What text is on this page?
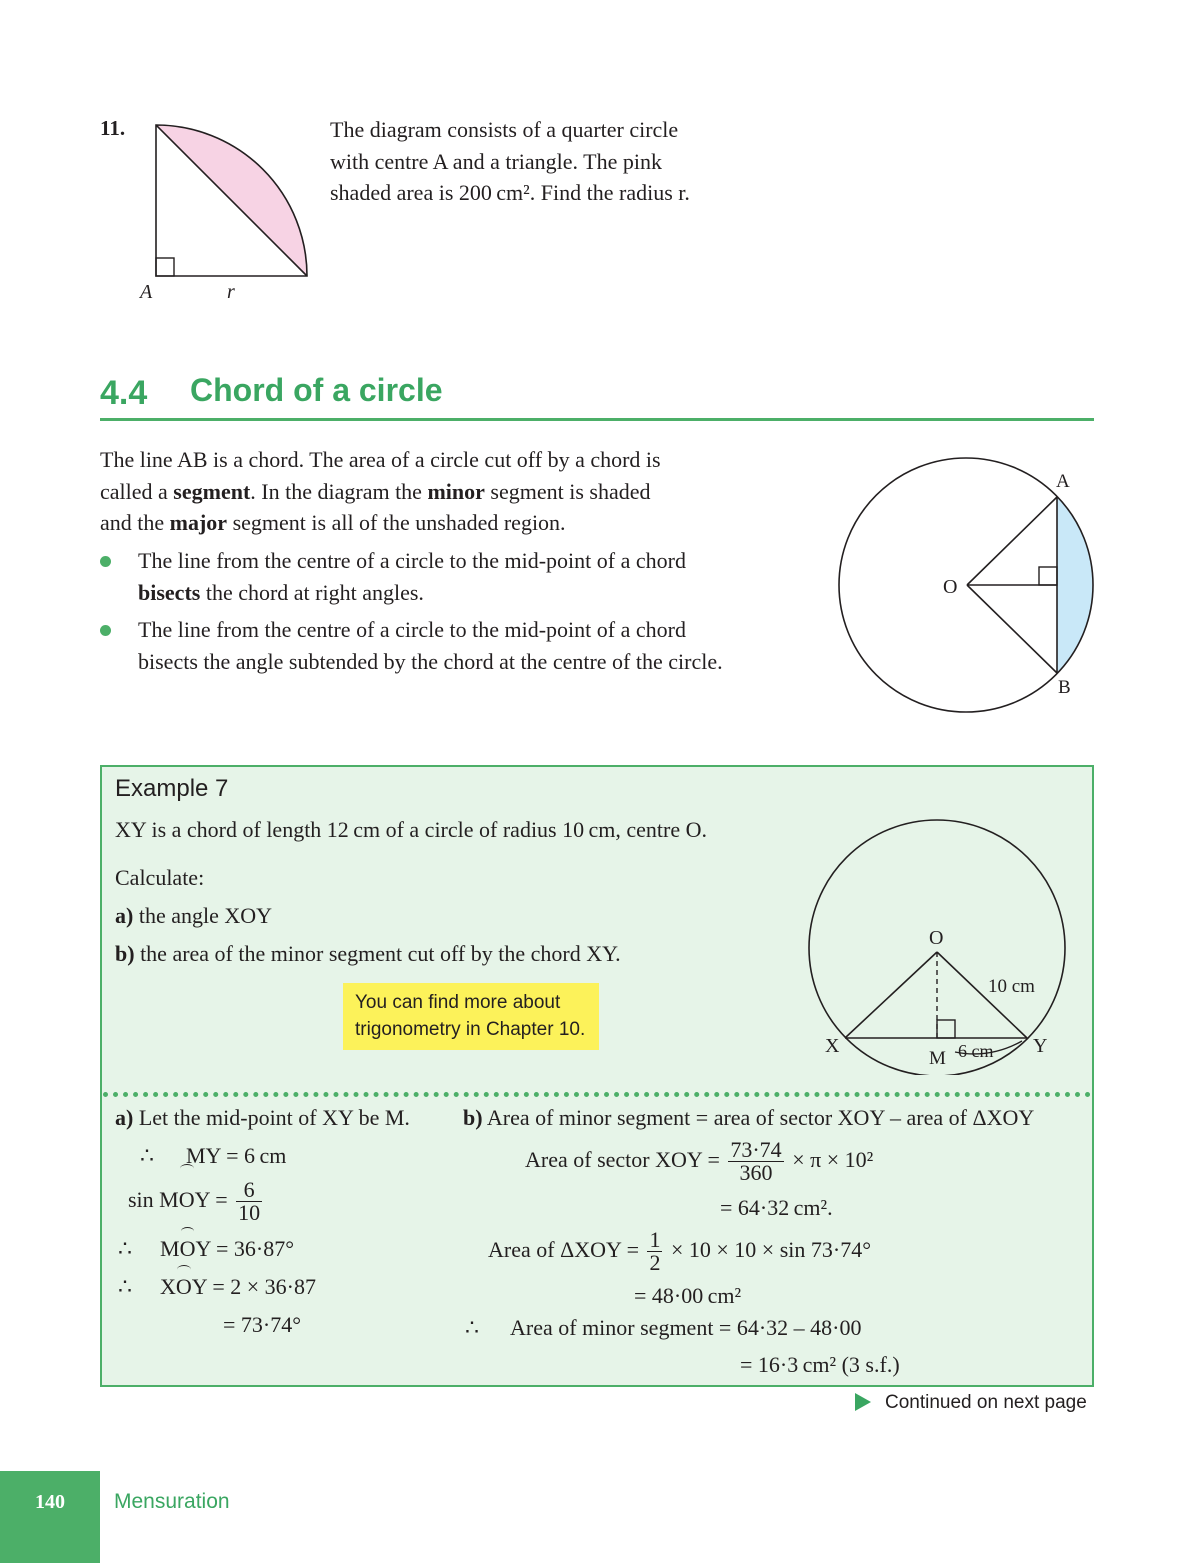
11.
A	r
The diagram consists of a quarter circle
with centre A and a triangle. The pink
shaded area is 200 cm². Find the radius r.
4.4 Chord of a circle
The line AB is a chord. The area of a circle cut off by a chord is
called a segment. In the diagram the minor segment is shaded
and the major segment is all of the unshaded region.
The line from the centre of a circle to the mid-point of a chord
bisects the chord at right angles.
The line from the centre of a circle to the mid-point of a chord
bisects the angle subtended by the chord at the centre of the circle.
A
B
O
Example 7
XY is a chord of length 12 cm of a circle of radius 10 cm, centre O.
Calculate:
a) the angle XOY
b) the area of the minor segment cut off by the chord XY.
You can find more about
trigonometry in Chapter 10.
O
X	Y
M
10 cm
6 cm
a) Let the mid-point of XY be M.
∴ MY = 6 cm
sin MOY = $\frac{6}{10}$
∴ MOY = 36·87°
∴ XOY = 2 × 36·87
= 73·74°
b) Area of minor segment = area of sector XOY – area of ΔXOY
Area of sector XOY = $\frac{73\cdot 74}{360} \times \pi \times 10^2$
= 64·32 cm².
Area of $\Delta XOY = \frac{1}{2} \times 10 \times 10 \times \sin 73\cdot 74^\circ$
= 48·00 cm²
∴ Area of minor segment = 64·32 – 48·00
= 16·3 cm² (3 s.f.)
Continued on next page
140	Mensuration
